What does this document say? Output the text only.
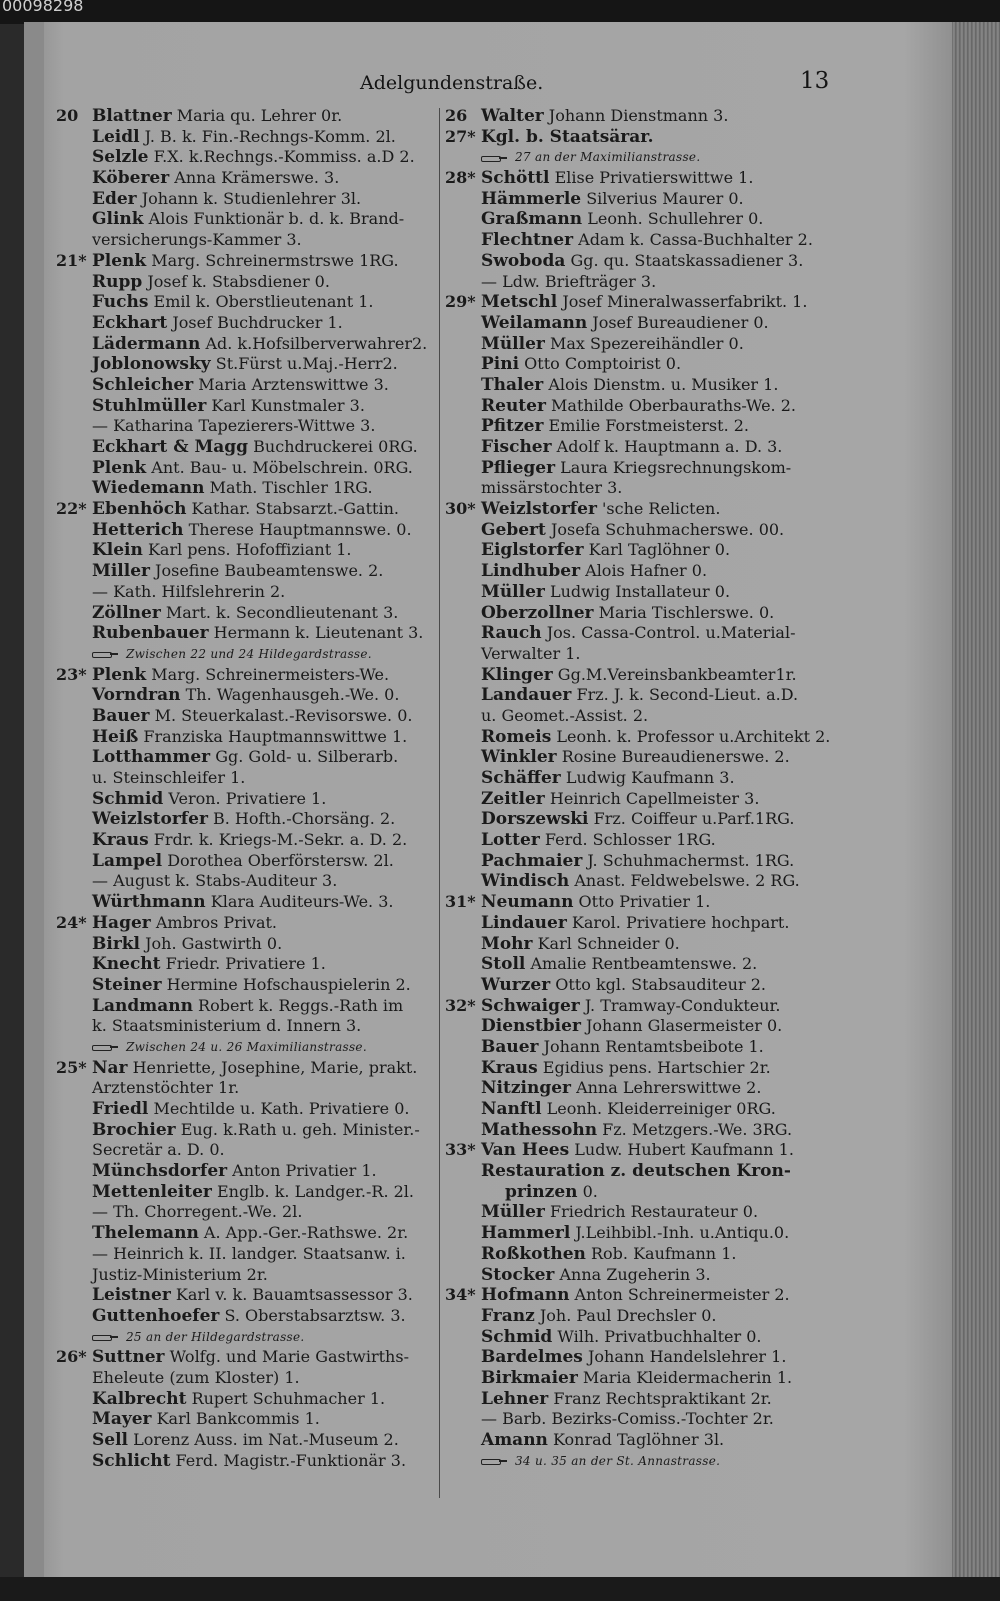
00098298
Adelgundenstraße.	13
20 Blattner Maria qu. Lehrer 0r.
Leidl J. B. k. Fin.-Rechngs-Komm. 2l.
Selzle F.X. k.Rechngs.-Kommiss. a.D 2.
Köberer Anna Krämerswe. 3.
Eder Johann k. Studienlehrer 3l.
Glink Alois Funktionär b. d. k. Brand-
versicherungs-Kammer 3.
21* Plenk Marg. Schreinermstrswe 1RG.
Rupp Josef k. Stabsdiener 0.
Fuchs Emil k. Oberstlieutenant 1.
Eckhart Josef Buchdrucker 1.
Lädermann Ad. k.Hofsilberverwahrer2.
Joblonowsky St.Fürst u.Maj.-Herr2.
Schleicher Maria Arztenswittwe 3.
Stuhlmüller Karl Kunstmaler 3.
— Katharina Tapezierers-Wittwe 3.
Eckhart & Magg Buchdruckerei 0RG.
Plenk Ant. Bau- u. Möbelschrein. 0RG.
Wiedemann Math. Tischler 1RG.
22* Ebenhöch Kathar. Stabsarzt.-Gattin.
Hetterich Therese Hauptmannswe. 0.
Klein Karl pens. Hofoffiziant 1.
Miller Josefine Baubeamtenswe. 2.
— Kath. Hilfslehrerin 2.
Zöllner Mart. k. Secondlieutenant 3.
Rubenbauer Hermann k. Lieutenant 3.
Zwischen 22 und 24 Hildegardstrasse.
23* Plenk Marg. Schreinermeisters-We.
Vorndran Th. Wagenhausgeh.-We. 0.
Bauer M. Steuerkalast.-Revisorswe. 0.
Heiß Franziska Hauptmannswittwe 1.
Lotthammer Gg. Gold- u. Silberarb.
u. Steinschleifer 1.
Schmid Veron. Privatiere 1.
Weizlstorfer B. Hofth.-Chorsäng. 2.
Kraus Frdr. k. Kriegs-M.-Sekr. a. D. 2.
Lampel Dorothea Oberförstersw. 2l.
— August k. Stabs-Auditeur 3.
Würthmann Klara Auditeurs-We. 3.
24* Hager Ambros Privat.
Birkl Joh. Gastwirth 0.
Knecht Friedr. Privatiere 1.
Steiner Hermine Hofschauspielerin 2.
Landmann Robert k. Reggs.-Rath im
k. Staatsministerium d. Innern 3.
Zwischen 24 u. 26 Maximilianstrasse.
25* Nar Henriette, Josephine, Marie, prakt.
Arztenstöchter 1r.
Friedl Mechtilde u. Kath. Privatiere 0.
Brochier Eug. k.Rath u. geh. Minister.-
Secretär a. D. 0.
Münchsdorfer Anton Privatier 1.
Mettenleiter Englb. k. Landger.-R. 2l.
— Th. Chorregent.-We. 2l.
Thelemann A. App.-Ger.-Rathswe. 2r.
— Heinrich k. II. landger. Staatsanw. i.
Justiz-Ministerium 2r.
Leistner Karl v. k. Bauamtsassessor 3.
Guttenhoefer S. Oberstabsarztsw. 3.
25 an der Hildegardstrasse.
26* Suttner Wolfg. und Marie Gastwirths-
Eheleute (zum Kloster) 1.
Kalbrecht Rupert Schuhmacher 1.
Mayer Karl Bankcommis 1.
Sell Lorenz Auss. im Nat.-Museum 2.
Schlicht Ferd. Magistr.-Funktionär 3.
26 Walter Johann Dienstmann 3.
27* Kgl. b. Staatsärar.
27 an der Maximilianstrasse.
28* Schöttl Elise Privatierswittwe 1.
Hämmerle Silverius Maurer 0.
Graßmann Leonh. Schullehrer 0.
Flechtner Adam k. Cassa-Buchhalter 2.
Swoboda Gg. qu. Staatskassadiener 3.
— Ldw. Briefträger 3.
29* Metschl Josef Mineralwasserfabrikt. 1.
Weilamann Josef Bureaudiener 0.
Müller Max Spezereihändler 0.
Pini Otto Comptoirist 0.
Thaler Alois Dienstm. u. Musiker 1.
Reuter Mathilde Oberbauraths-We. 2.
Pfitzer Emilie Forstmeisterst. 2.
Fischer Adolf k. Hauptmann a. D. 3.
Pflieger Laura Kriegsrechnungskom-
missärstochter 3.
30* Weizlstorfer 'sche Relicten.
Gebert Josefa Schuhmacherswe. 00.
Eiglstorfer Karl Taglöhner 0.
Lindhuber Alois Hafner 0.
Müller Ludwig Installateur 0.
Oberzollner Maria Tischlerswe. 0.
Rauch Jos. Cassa-Control. u.Material-
Verwalter 1.
Klinger Gg.M.Vereinsbankbeamter1r.
Landauer Frz. J. k. Second-Lieut. a.D.
u. Geomet.-Assist. 2.
Romeis Leonh. k. Professor u.Architekt 2.
Winkler Rosine Bureaudienerswe. 2.
Schäffer Ludwig Kaufmann 3.
Zeitler Heinrich Capellmeister 3.
Dorszewski Frz. Coiffeur u.Parf.1RG.
Lotter Ferd. Schlosser 1RG.
Pachmaier J. Schuhmachermst. 1RG.
Windisch Anast. Feldwebelswe. 2 RG.
31* Neumann Otto Privatier 1.
Lindauer Karol. Privatiere hochpart.
Mohr Karl Schneider 0.
Stoll Amalie Rentbeamtenswe. 2.
Wurzer Otto kgl. Stabsauditeur 2.
32* Schwaiger J. Tramway-Condukteur.
Dienstbier Johann Glasermeister 0.
Bauer Johann Rentamtsbeibote 1.
Kraus Egidius pens. Hartschier 2r.
Nitzinger Anna Lehrerswittwe 2.
Nanftl Leonh. Kleiderreiniger 0RG.
Mathessohn Fz. Metzgers.-We. 3RG.
33* Van Hees Ludw. Hubert Kaufmann 1.
Restauration z. deutschen Kron-
prinzen 0.
Müller Friedrich Restaurateur 0.
Hammerl J.Leihbibl.-Inh. u.Antiqu.0.
Roßkothen Rob. Kaufmann 1.
Stocker Anna Zugeherin 3.
34* Hofmann Anton Schreinermeister 2.
Franz Joh. Paul Drechsler 0.
Schmid Wilh. Privatbuchhalter 0.
Bardelmes Johann Handelslehrer 1.
Birkmaier Maria Kleidermacherin 1.
Lehner Franz Rechtspraktikant 2r.
— Barb. Bezirks-Comiss.-Tochter 2r.
Amann Konrad Taglöhner 3l.
34 u. 35 an der St. Annastrasse.
